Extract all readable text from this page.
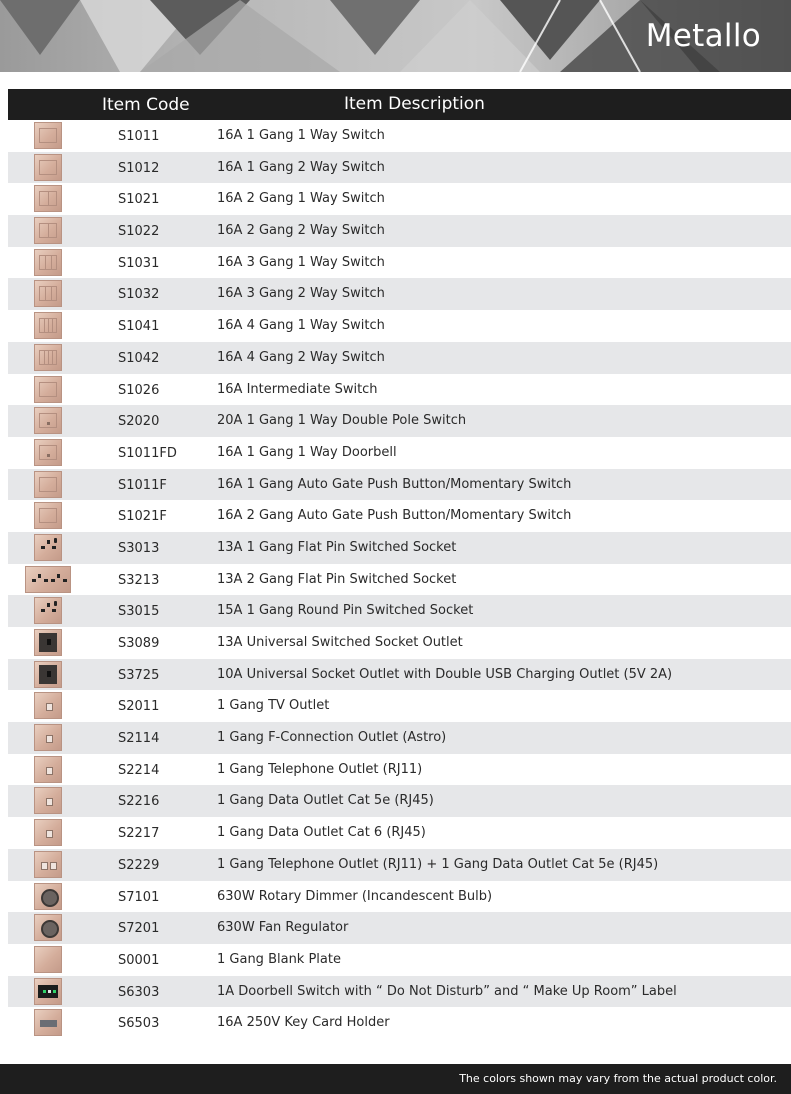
Metallo
Item Code	Item Description
S1011	16A 1 Gang 1 Way Switch
S1012	16A 1 Gang 2 Way Switch
S1021	16A 2 Gang 1 Way Switch
S1022	16A 2 Gang 2 Way Switch
S1031	16A 3 Gang 1 Way Switch
S1032	16A 3 Gang 2 Way Switch
S1041	16A 4 Gang 1 Way Switch
S1042	16A 4 Gang 2 Way Switch
S1026	16A Intermediate Switch
S2020	20A 1 Gang 1 Way Double Pole Switch
S1011FD	16A 1 Gang 1 Way Doorbell
S1011F	16A 1 Gang Auto Gate Push Button/Momentary Switch
S1021F	16A 2 Gang Auto Gate Push Button/Momentary Switch
S3013	13A 1 Gang Flat Pin Switched Socket
S3213	13A 2 Gang Flat Pin Switched Socket
S3015	15A 1 Gang Round Pin Switched Socket
S3089	13A Universal Switched Socket Outlet
S3725	10A Universal Socket Outlet with Double USB Charging Outlet (5V 2A)
S2011	1 Gang TV Outlet
S2114	1 Gang F-Connection Outlet (Astro)
S2214	1 Gang Telephone Outlet (RJ11)
S2216	1 Gang Data Outlet Cat 5e (RJ45)
S2217	1 Gang Data Outlet Cat 6 (RJ45)
S2229	1 Gang Telephone Outlet (RJ11) + 1 Gang Data Outlet Cat 5e (RJ45)
S7101	630W Rotary Dimmer (Incandescent Bulb)
S7201	630W Fan Regulator
S0001	1 Gang Blank Plate
S6303	1A Doorbell Switch with “ Do Not Disturb” and “ Make Up Room” Label
S6503	16A 250V Key Card Holder
The colors shown may vary from the actual product color.
